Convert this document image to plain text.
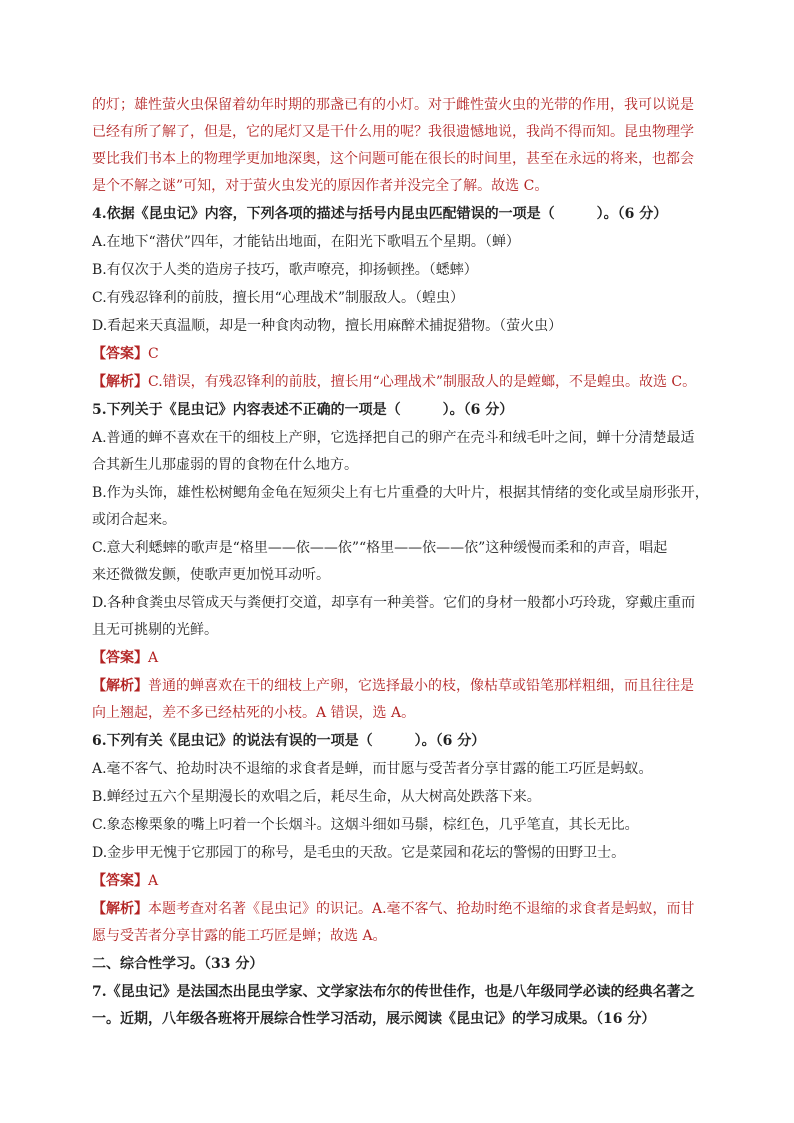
的灯；雄性萤火虫保留着幼年时期的那盏已有的小灯。对于雌性萤火虫的光带的作用，我可以说是
已经有所了解了，但是，它的尾灯又是干什么用的呢？我很遗憾地说，我尚不得而知。昆虫物理学
要比我们书本上的物理学更加地深奥，这个问题可能在很长的时间里，甚至在永远的将来，也都会
是个不解之谜”可知，对于萤火虫发光的原因作者并没完全了解。故选 C。
4.依据《昆虫记》内容，下列各项的描述与括号内昆虫匹配错误的一项是（　　　）。（6 分）
A.在地下“潜伏”四年，才能钻出地面，在阳光下歌唱五个星期。（蝉）
B.有仅次于人类的造房子技巧，歌声嘹亮，抑扬顿挫。（蟋蟀）
C.有残忍锋利的前肢，擅长用“心理战术”制服敌人。（蝗虫）
D.看起来天真温顺，却是一种食肉动物，擅长用麻醉术捕捉猎物。（萤火虫）
【答案】C
【解析】C.错误，有残忍锋利的前肢，擅长用“心理战术”制服敌人的是螳螂，不是蝗虫。故选 C。
5.下列关于《昆虫记》内容表述不正确的一项是（　　　）。（6 分）
A.普通的蝉不喜欢在干的细枝上产卵，它选择把自己的卵产在壳斗和绒毛叶之间，蝉十分清楚最适
合其新生儿那虚弱的胃的食物在什么地方。
B.作为头饰，雄性松树鳃角金龟在短须尖上有七片重叠的大叶片，根据其情绪的变化或呈扇形张开，
或闭合起来。
C.意大利蟋蟀的歌声是“格里——依——依”“格里——依——依”这种缓慢而柔和的声音，唱起
来还微微发颤，使歌声更加悦耳动听。
D.各种食粪虫尽管成天与粪便打交道，却享有一种美誉。它们的身材一般都小巧玲珑，穿戴庄重而
且无可挑剔的光鲜。
【答案】A
【解析】普通的蝉喜欢在干的细枝上产卵，它选择最小的枝，像枯草或铅笔那样粗细，而且往往是
向上翘起，差不多已经枯死的小枝。A 错误，选 A。
6.下列有关《昆虫记》的说法有误的一项是（　　　）。（6 分）
A.毫不客气、抢劫时决不退缩的求食者是蝉，而甘愿与受苦者分享甘露的能工巧匠是蚂蚁。
B.蝉经过五六个星期漫长的欢唱之后，耗尽生命，从大树高处跌落下来。
C.象态橡栗象的嘴上叼着一个长烟斗。这烟斗细如马鬃，棕红色，几乎笔直，其长无比。
D.金步甲无愧于它那园丁的称号，是毛虫的天敌。它是菜园和花坛的警惕的田野卫士。
【答案】A
【解析】本题考查对名著《昆虫记》的识记。A.毫不客气、抢劫时绝不退缩的求食者是蚂蚁，而甘
愿与受苦者分享甘露的能工巧匠是蝉；故选 A。
二、综合性学习。（33 分）
7.《昆虫记》是法国杰出昆虫学家、文学家法布尔的传世佳作，也是八年级同学必读的经典名著之
一。近期，八年级各班将开展综合性学习活动，展示阅读《昆虫记》的学习成果。（16 分）
